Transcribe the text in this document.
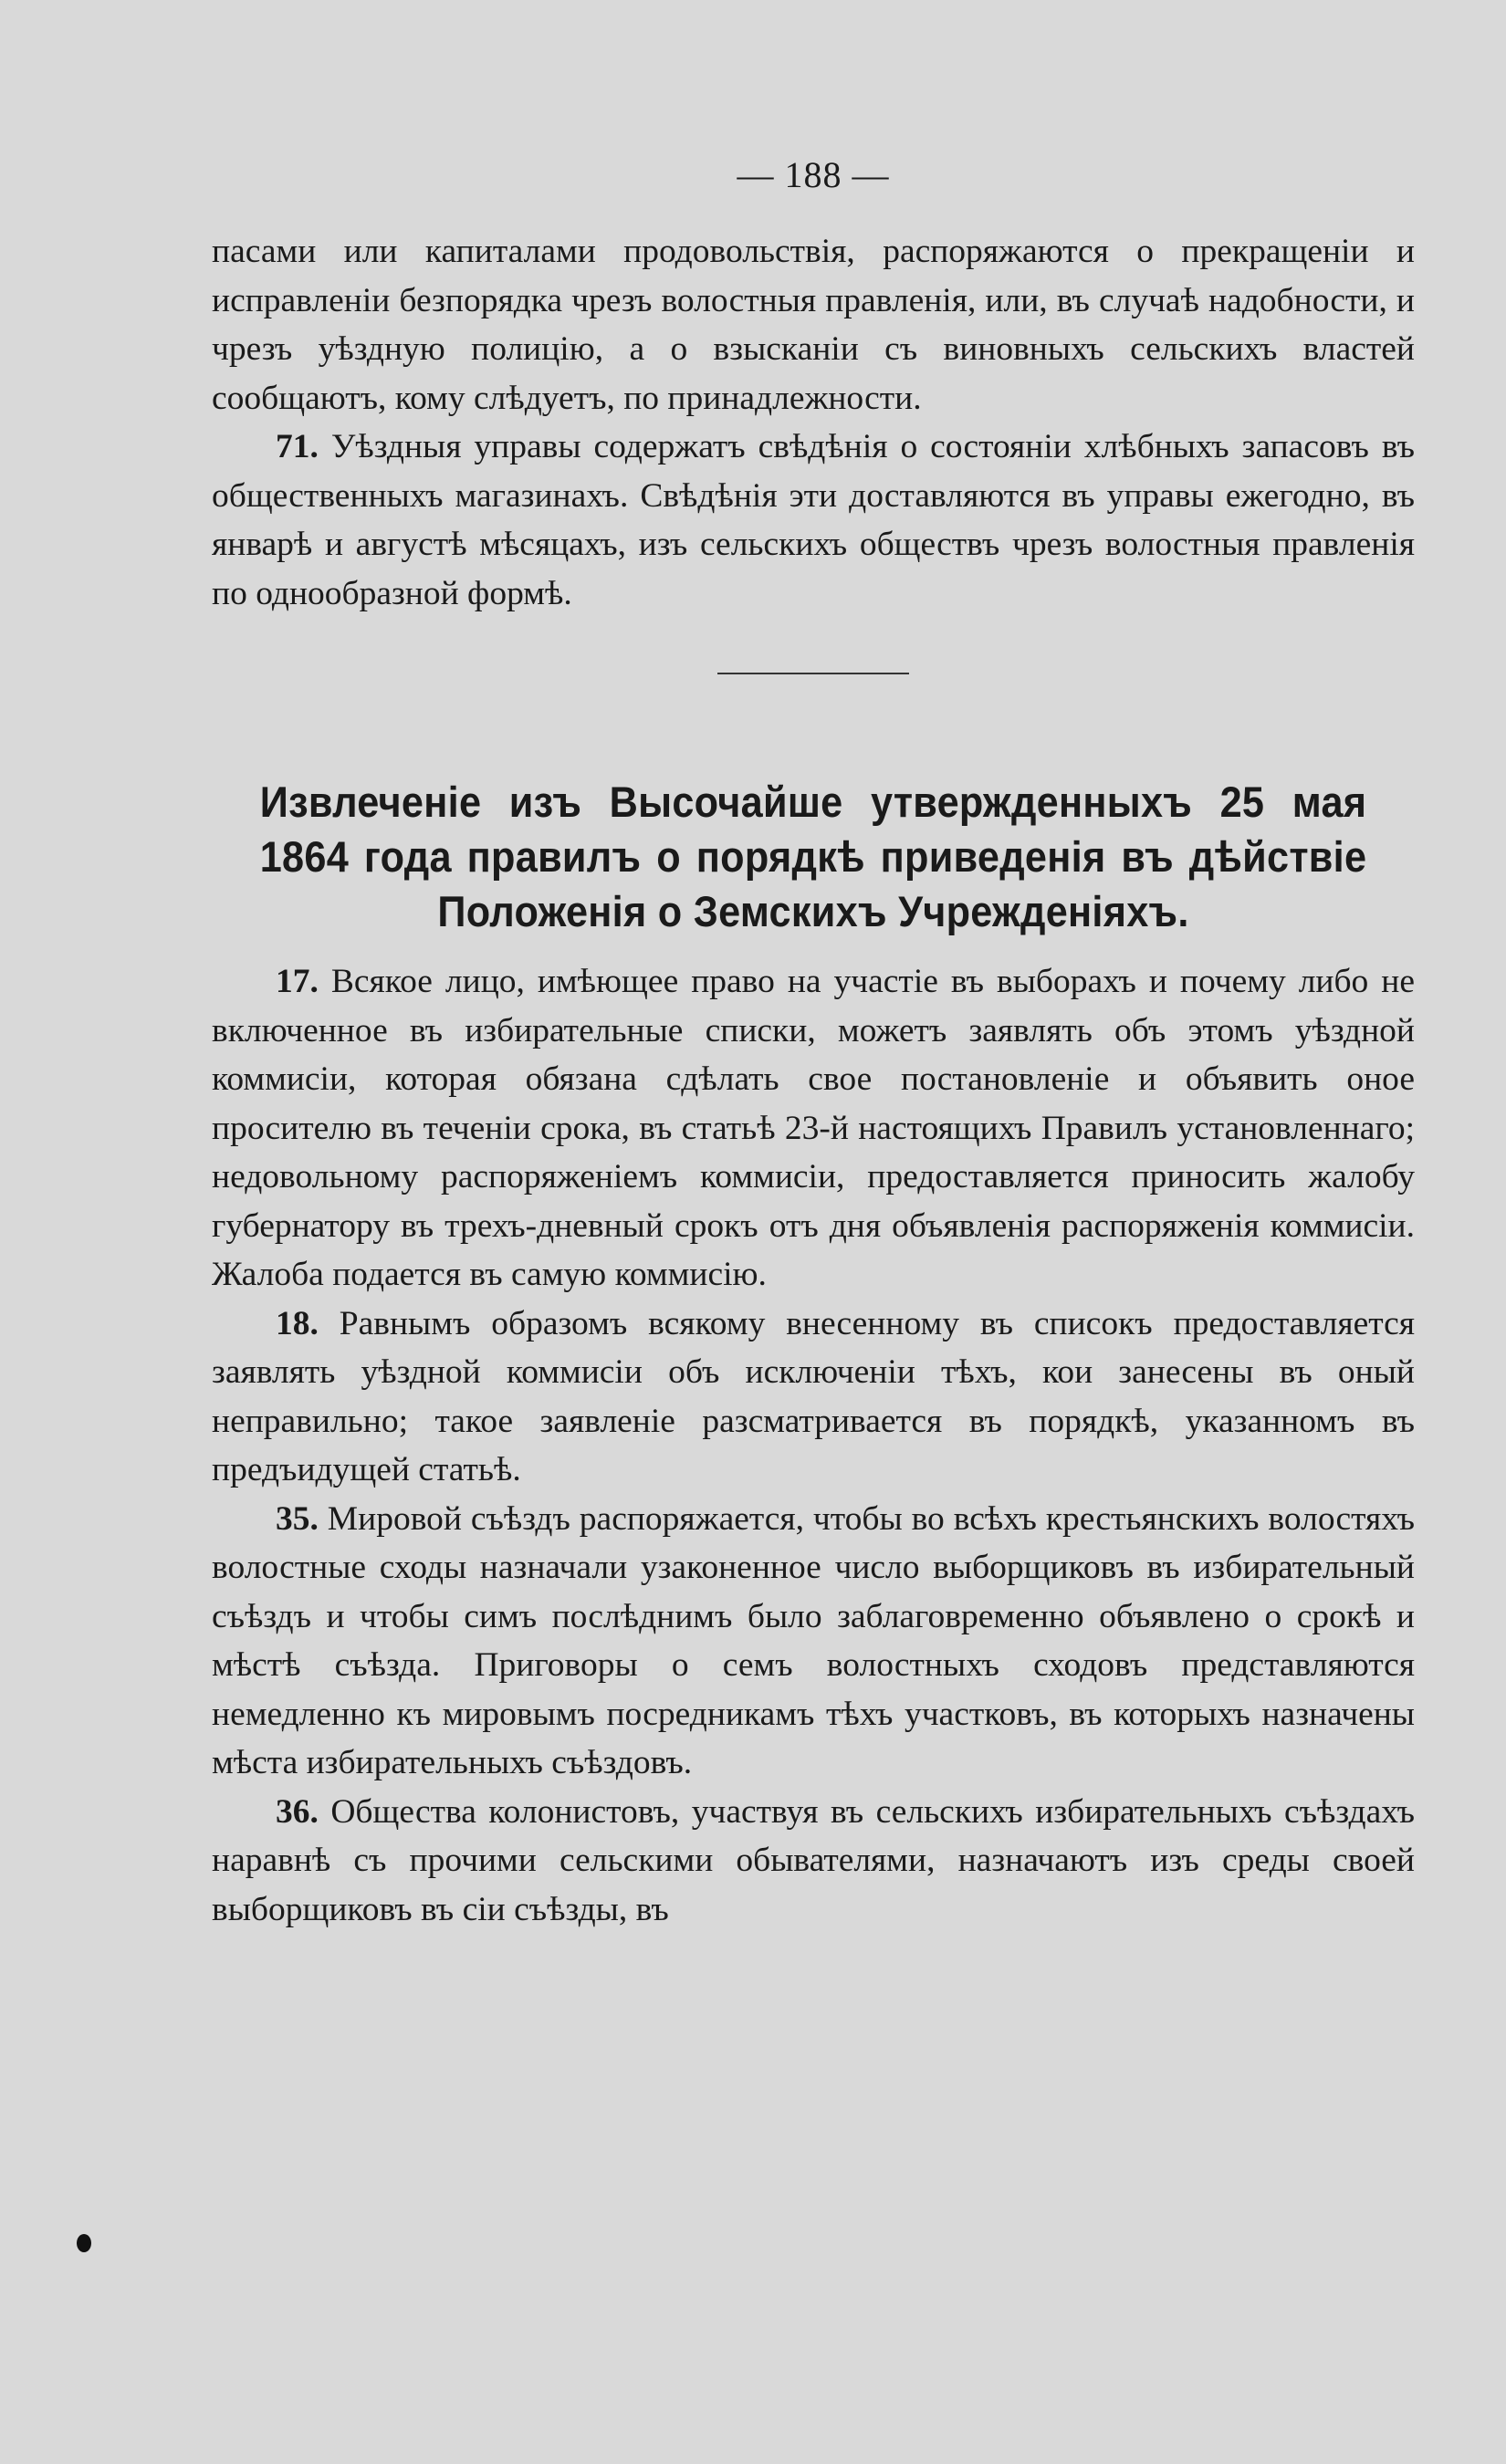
— 188 —

пасами или капиталами продовольствія, распоряжаются о прекращеніи и исправленіи безпорядка чрезъ волостныя правленія, или, въ случаѣ надобности, и чрезъ уѣздную полицію, а о взысканіи съ виновныхъ сельскихъ властей сообщаютъ, кому слѣдуетъ, по принадлежности.

71. Уѣздныя управы содержатъ свѣдѣнія о состояніи хлѣбныхъ запасовъ въ общественныхъ магазинахъ. Свѣдѣнія эти доставляются въ управы ежегодно, въ январѣ и августѣ мѣсяцахъ, изъ сельскихъ обществъ чрезъ волостныя правленія по однообразной формѣ.

Извлеченіе изъ Высочайше утвержденныхъ 25 мая 1864 года правилъ о порядкѣ приведенія въ дѣйствіе Положенія о Земскихъ Учрежденіяхъ.

17. Всякое лицо, имѣющее право на участіе въ выборахъ и почему либо не включенное въ избирательные списки, можетъ заявлять объ этомъ уѣздной коммисіи, которая обязана сдѣлать свое постановленіе и объявить оное просителю въ теченіи срока, въ статьѣ 23-й настоящихъ Правилъ установленнаго; недовольному распоряженіемъ коммисіи, предоставляется приносить жалобу губернатору въ трехъ-дневный срокъ отъ дня объявленія распоряженія коммисіи. Жалоба подается въ самую коммисію.

18. Равнымъ образомъ всякому внесенному въ списокъ предоставляется заявлять уѣздной коммисіи объ исключеніи тѣхъ, кои занесены въ оный неправильно; такое заявленіе разсматривается въ порядкѣ, указанномъ въ предъидущей статьѣ.

35. Мировой съѣздъ распоряжается, чтобы во всѣхъ крестьянскихъ волостяхъ волостные сходы назначали узаконенное число выборщиковъ въ избирательный съѣздъ и чтобы симъ послѣднимъ было заблаговременно объявлено о срокѣ и мѣстѣ съѣзда. Приговоры о семъ волостныхъ сходовъ представляются немедленно къ мировымъ посредникамъ тѣхъ участковъ, въ которыхъ назначены мѣста избирательныхъ съѣздовъ.

36. Общества колонистовъ, участвуя въ сельскихъ избирательныхъ съѣздахъ наравнѣ съ прочими сельскими обывателями, назначаютъ изъ среды своей выборщиковъ въ сіи съѣзды, въ
